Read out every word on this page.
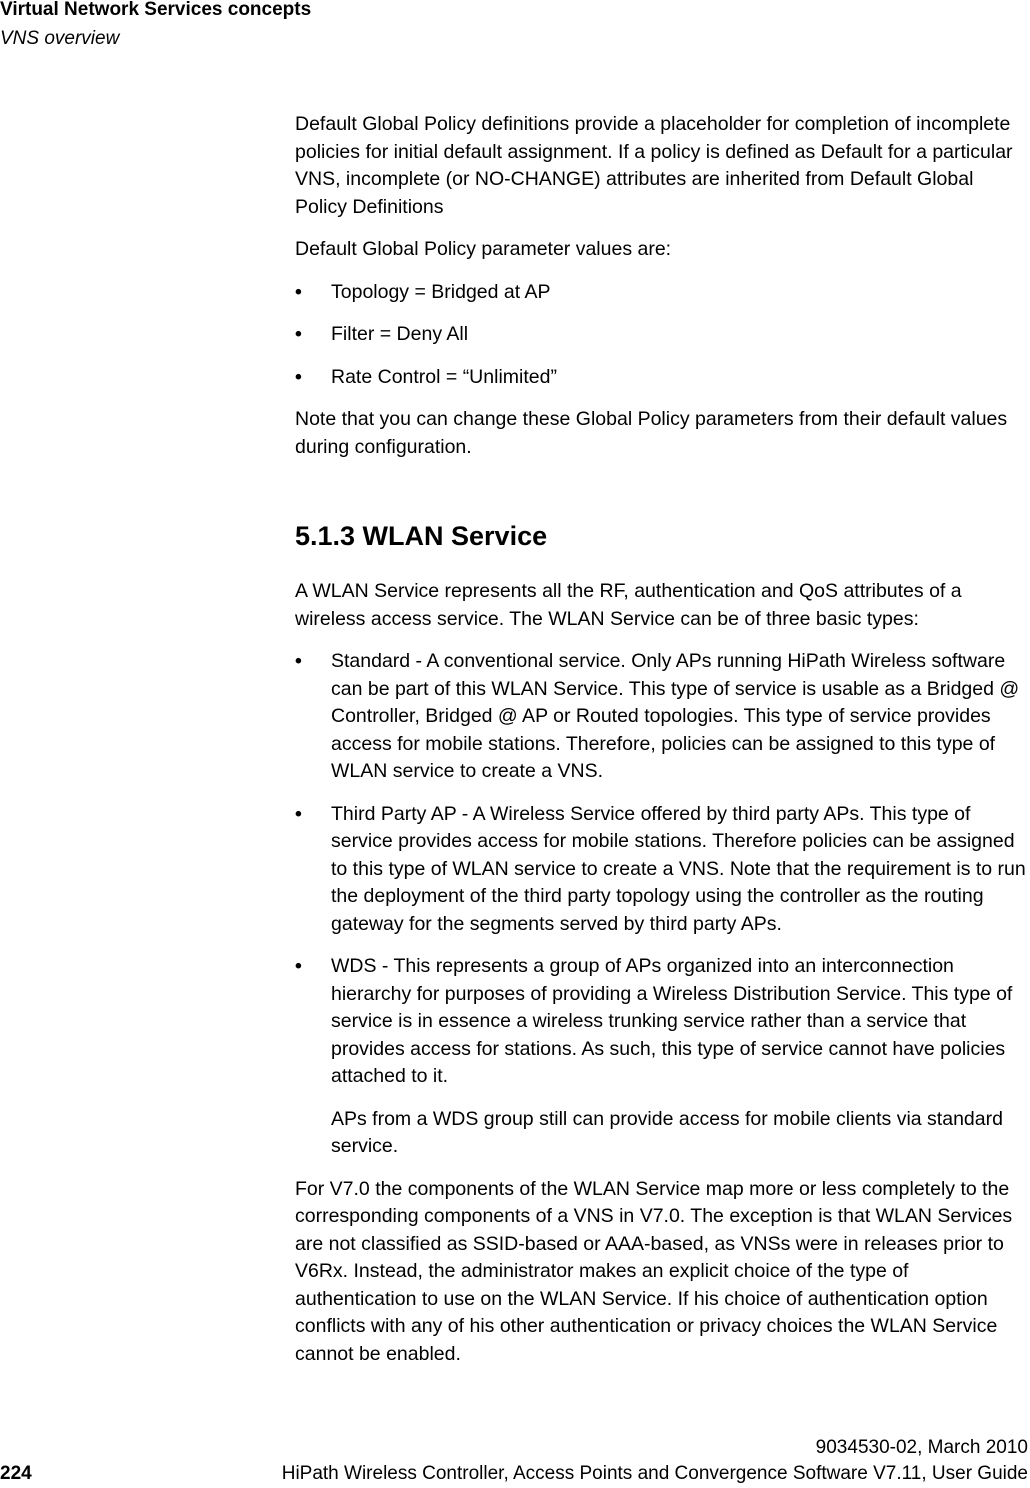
Virtual Network Services concepts
VNS overview

Default Global Policy definitions provide a placeholder for completion of incomplete policies for initial default assignment. If a policy is defined as Default for a particular VNS, incomplete (or NO-CHANGE) attributes are inherited from Default Global Policy Definitions

Default Global Policy parameter values are:

• Topology = Bridged at AP
• Filter = Deny All
• Rate Control = “Unlimited”

Note that you can change these Global Policy parameters from their default values during configuration.

5.1.3 WLAN Service

A WLAN Service represents all the RF, authentication and QoS attributes of a wireless access service. The WLAN Service can be of three basic types:

• Standard - A conventional service. Only APs running HiPath Wireless software can be part of this WLAN Service. This type of service is usable as a Bridged @ Controller, Bridged @ AP or Routed topologies. This type of service provides access for mobile stations. Therefore, policies can be assigned to this type of WLAN service to create a VNS.
• Third Party AP - A Wireless Service offered by third party APs. This type of service provides access for mobile stations. Therefore policies can be assigned to this type of WLAN service to create a VNS. Note that the requirement is to run the deployment of the third party topology using the controller as the routing gateway for the segments served by third party APs.
• WDS - This represents a group of APs organized into an interconnection hierarchy for purposes of providing a Wireless Distribution Service. This type of service is in essence a wireless trunking service rather than a service that provides access for stations. As such, this type of service cannot have policies attached to it.

APs from a WDS group still can provide access for mobile clients via standard service.

For V7.0 the components of the WLAN Service map more or less completely to the corresponding components of a VNS in V7.0. The exception is that WLAN Services are not classified as SSID-based or AAA-based, as VNSs were in releases prior to V6Rx. Instead, the administrator makes an explicit choice of the type of authentication to use on the WLAN Service. If his choice of authentication option conflicts with any of his other authentication or privacy choices the WLAN Service cannot be enabled.

9034530-02, March 2010
224	HiPath Wireless Controller, Access Points and Convergence Software V7.11, User Guide
